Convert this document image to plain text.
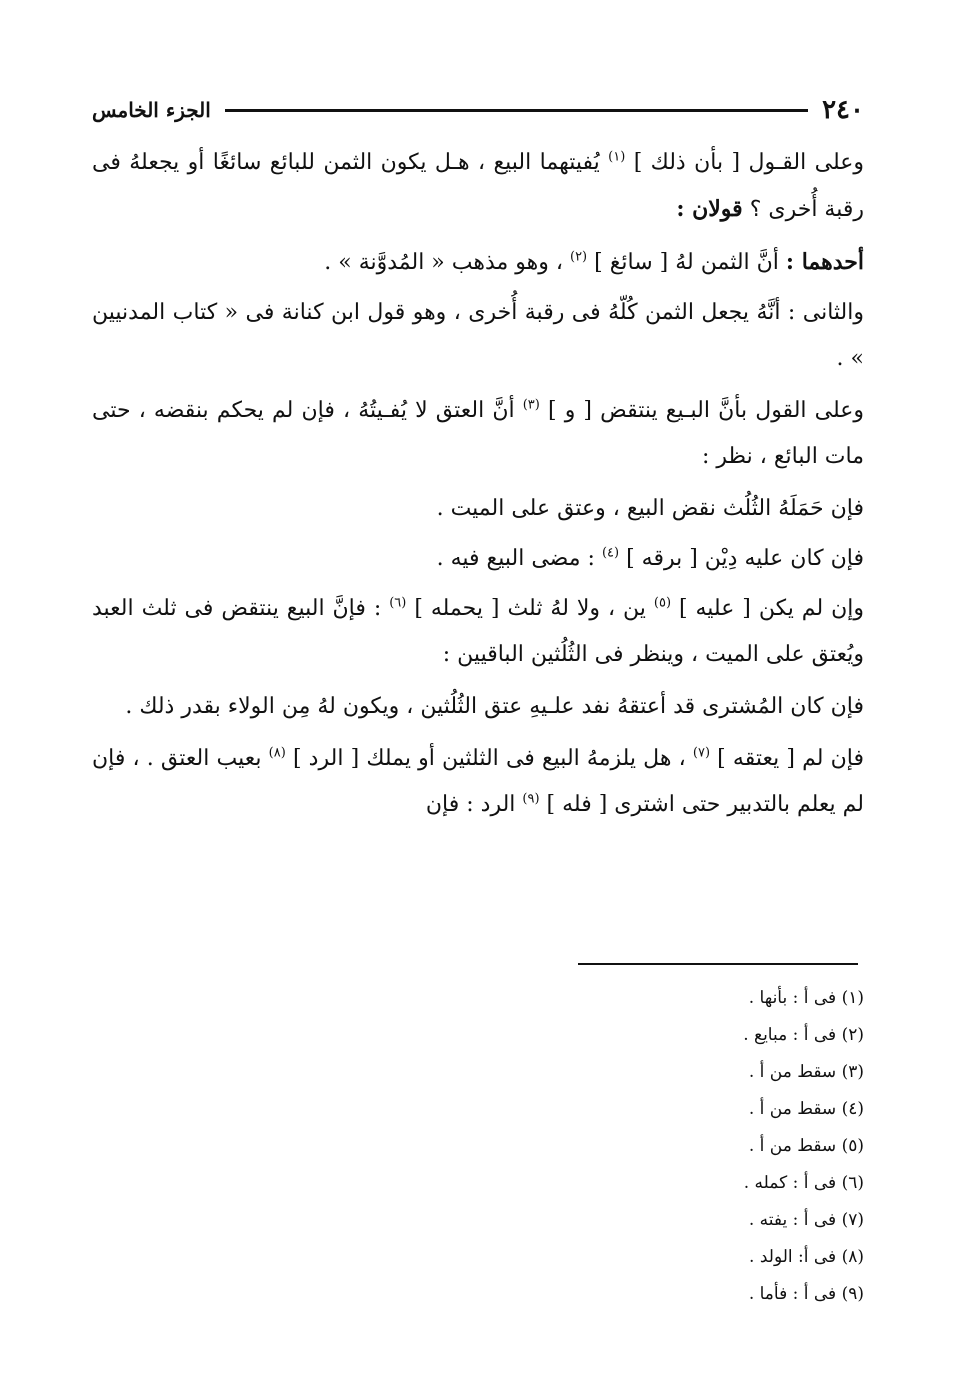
٢٤٠
الجزء الخامس

وعلى القـول [ بأن ذلك ] $^{(١)}$ يُفيتهما البيع ، هـل يكون الثمن للبائع سائغًا أو يجعلهُ فى رقبة أُخرى ؟ قولان :

أحدهما : أنَّ الثمن لهُ [ سائغ ] $^{(٢)}$ ، وهو مذهب « المُدوَّنة » .

والثانى : أنَّهُ يجعل الثمن كُلّهُ فى رقبة أُخرى ، وهو قول ابن كنانة فى « كتاب المدنيين » .

وعلى القول بأنَّ البـيع ينتقض [ و ] $^{(٣)}$ أنَّ العتق لا يُفـيتُهُ ، فإن لم يحكم بنقضه ، حتى مات البائع ، نظر :

فإن حَمَلَهُ الثُلُث نقض البيع ، وعتق على الميت .

فإن كان عليه دِيْن [ برقه ] $^{(٤)}$ : مضى البيع فيه .

وإن لم يكن [ عليه ] $^{(٥)}$ ين ، ولا لهُ ثلث [ يحمله ] $^{(٦)}$ : فإنَّ البيع ينتقض فى ثلث العبد ويُعتق على الميت ، وينظر فى الثُلُثين الباقيين :

فإن كان المُشترى قد أعتقهُ نفد علـيهِ عتق الثُلُثين ، ويكون لهُ مِن الولاء بقدر ذلك .

فإن لم [ يعتقه ] $^{(٧)}$ ، هل يلزمهُ البيع فى الثلثين أو يملك [ الرد ] $^{(٨)}$ بعيب العتق . ، فإن لم يعلم بالتدبير حتى اشترى [ فله ] $^{(٩)}$ الرد : فإن

(١) فى أ : بأنها .
(٢) فى أ : مبايع .
(٣) سقط من أ .
(٤) سقط من أ .
(٥) سقط من أ .
(٦) فى أ : كمله .
(٧) فى أ : يفته .
(٨) فى أ: الولد .
(٩) فى أ : فأما .
